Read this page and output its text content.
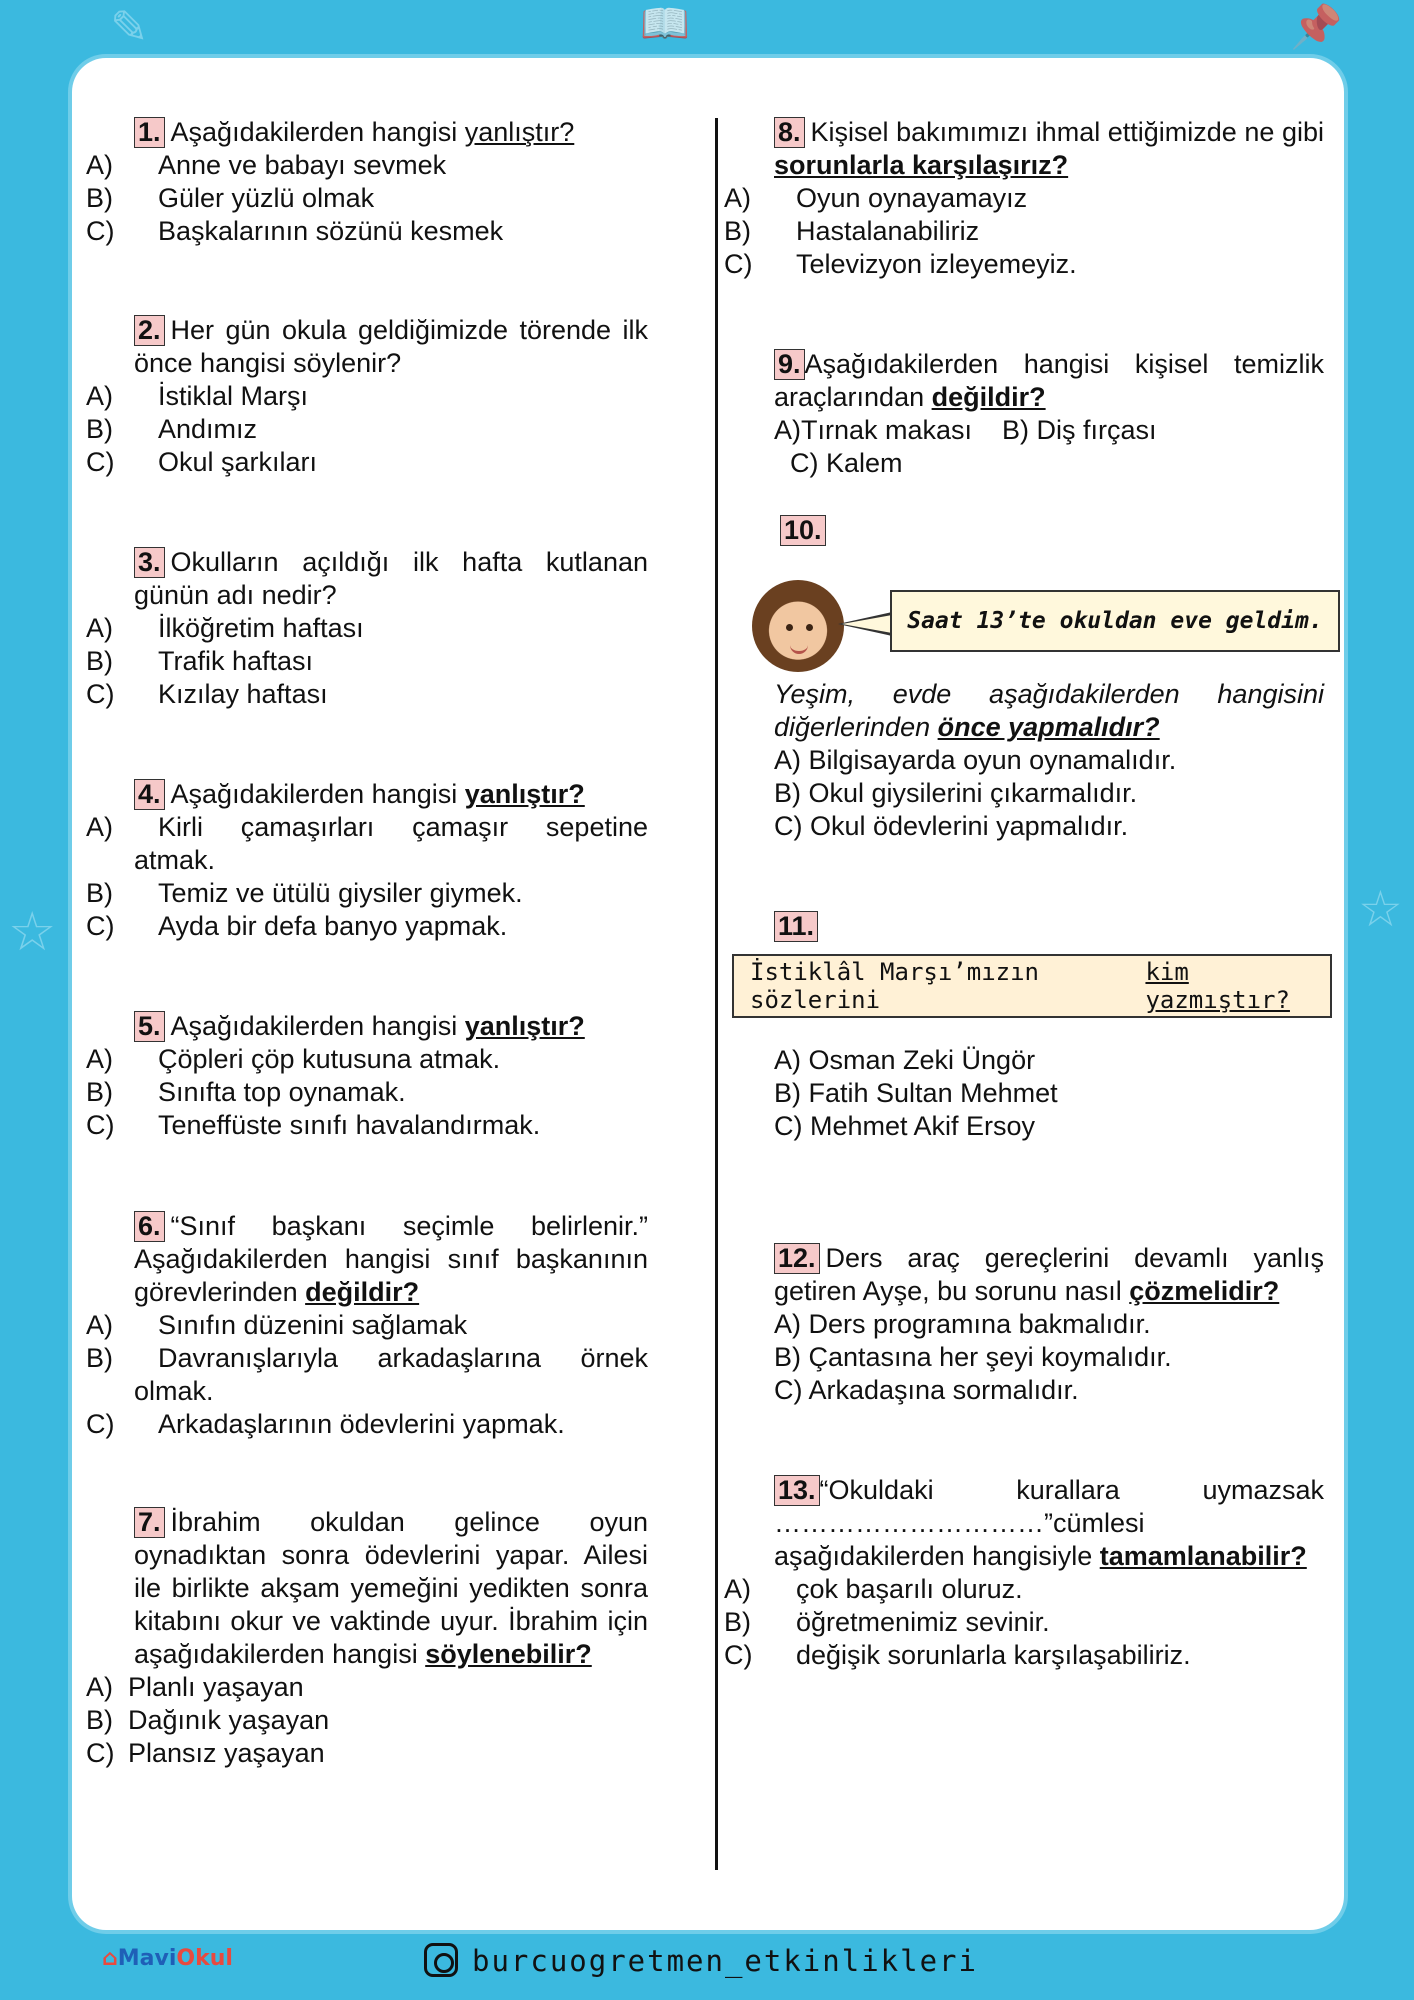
✎
☆
📖	📌
☆
1. Aşağıdakilerden hangisi yanlıştır?
A)	Anne ve babayı sevmek
B)	Güler yüzlü olmak
C)	Başkalarının sözünü kesmek
2. Her gün okula geldiğimizde törende ilk önce hangisi söylenir?
A)	İstiklal Marşı
B)	Andımız
C)	Okul şarkıları
3. Okulların açıldığı ilk hafta kutlanan günün adı nedir?
A)	İlköğretim haftası
B)	Trafik haftası
C)	Kızılay haftası
4. Aşağıdakilerden hangisi yanlıştır?
A)	Kirli çamaşırları çamaşır sepetine
atmak.
B)	Temiz ve ütülü giysiler giymek.
C)	Ayda bir defa banyo yapmak.
5. Aşağıdakilerden hangisi yanlıştır?
A)	Çöpleri çöp kutusuna atmak.
B)	Sınıfta top oynamak.
C)	Teneffüste sınıfı havalandırmak.
6. “Sınıf başkanı seçimle belirlenir.” Aşağıdakilerden hangisi sınıf başkanının görevlerinden değildir?
A)	Sınıfın düzenini sağlamak
B)	Davranışlarıyla arkadaşlarına örnek
olmak.
C)	Arkadaşlarının ödevlerini yapmak.
7. İbrahim okuldan gelince oyun oynadıktan sonra ödevlerini yapar. Ailesi ile birlikte akşam yemeğini yedikten sonra kitabını okur ve vaktinde uyur. İbrahim için aşağıdakilerden hangisi söylenebilir?
A) Planlı yaşayan
B) Dağınık yaşayan
C) Plansız yaşayan
8. Kişisel bakımımızı ihmal ettiğimizde ne gibi sorunlarla karşılaşırız?
A)	Oyun oynayamayız
B)	Hastalanabiliriz
C)	Televizyon izleyemeyiz.
9. Aşağıdakilerden hangisi kişisel temizlik araçlarından değildir?
A)Tırnak makası    B) Diş fırçası
C) Kalem
10.
Yeşim, evde aşağıdakilerden hangisini diğerlerinden önce yapmalıdır?
A) Bilgisayarda oyun oynamalıdır.
B) Okul giysilerini çıkarmalıdır.
C) Okul ödevlerini yapmalıdır.
11.
A) Osman Zeki Üngör
B) Fatih Sultan Mehmet
C) Mehmet Akif Ersoy
12. Ders araç gereçlerini devamlı yanlış getiren Ayşe, bu sorunu nasıl çözmelidir?
A) Ders programına bakmalıdır.
B) Çantasına her şeyi koymalıdır.
C) Arkadaşına sormalıdır.
13. “Okuldaki kurallara uymazsak …………………………”cümlesi aşağıdakilerden hangisiyle tamamlanabilir?
A)	çok başarılı oluruz.
B)	öğretmenimiz sevinir.
C)	değişik sorunlarla karşılaşabiliriz.
Saat 13’te okuldan eve geldim.
İstiklâl Marşı’mızın sözlerini
kim yazmıştır?
⌂MaviOkul	burcuogretmen_etkinlikleri
